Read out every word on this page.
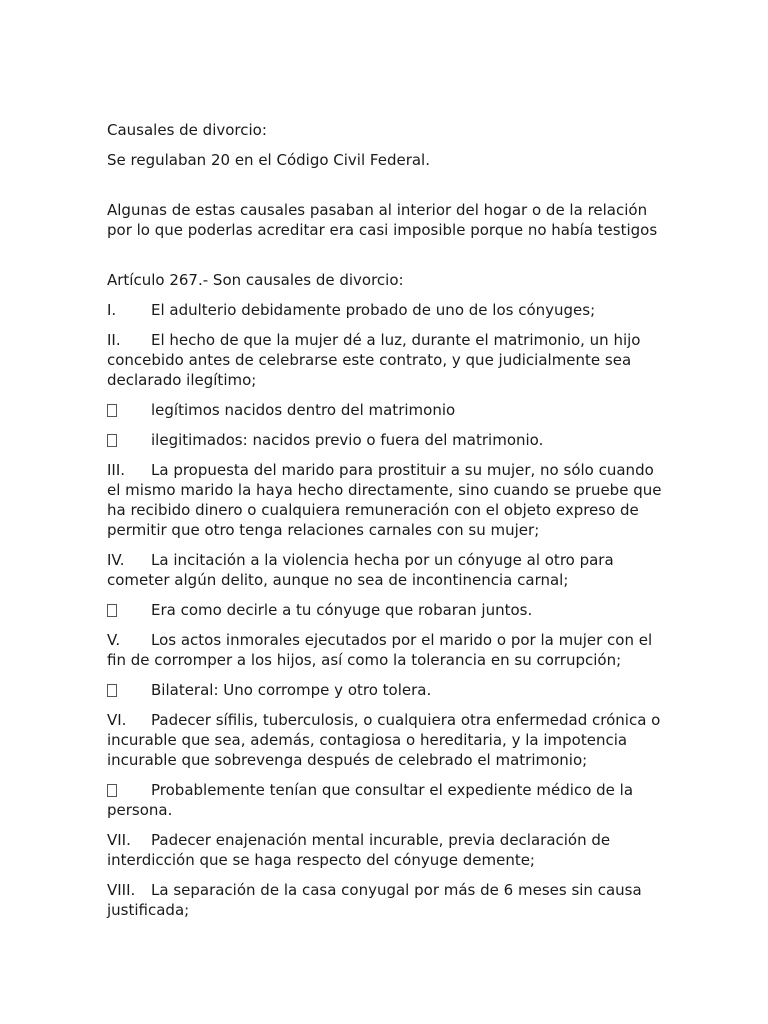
Causales de divorcio:

Se regulaban 20 en el Código Civil Federal.

Algunas de estas causales pasaban al interior del hogar o de la relación por lo que poderlas acreditar era casi imposible porque no había testigos

Artículo 267.- Son causales de divorcio:

I. El adulterio debidamente probado de uno de los cónyuges;
II. El hecho de que la mujer dé a luz, durante el matrimonio, un hijo concebido antes de celebrarse este contrato, y que judicialmente sea declarado ilegítimo;
legítimos nacidos dentro del matrimonio
ilegitimados: nacidos previo o fuera del matrimonio.
III. La propuesta del marido para prostituir a su mujer, no sólo cuando el mismo marido la haya hecho directamente, sino cuando se pruebe que ha recibido dinero o cualquiera remuneración con el objeto expreso de permitir que otro tenga relaciones carnales con su mujer;
IV. La incitación a la violencia hecha por un cónyuge al otro para cometer algún delito, aunque no sea de incontinencia carnal;
Era como decirle a tu cónyuge que robaran juntos.
V. Los actos inmorales ejecutados por el marido o por la mujer con el fin de corromper a los hijos, así como la tolerancia en su corrupción;
Bilateral: Uno corrompe y otro tolera.
VI. Padecer sífilis, tuberculosis, o cualquiera otra enfermedad crónica o incurable que sea, además, contagiosa o hereditaria, y la impotencia incurable que sobrevenga después de celebrado el matrimonio;
Probablemente tenían que consultar el expediente médico de la persona.
VII. Padecer enajenación mental incurable, previa declaración de interdicción que se haga respecto del cónyuge demente;
VIII. La separación de la casa conyugal por más de 6 meses sin causa justificada;
